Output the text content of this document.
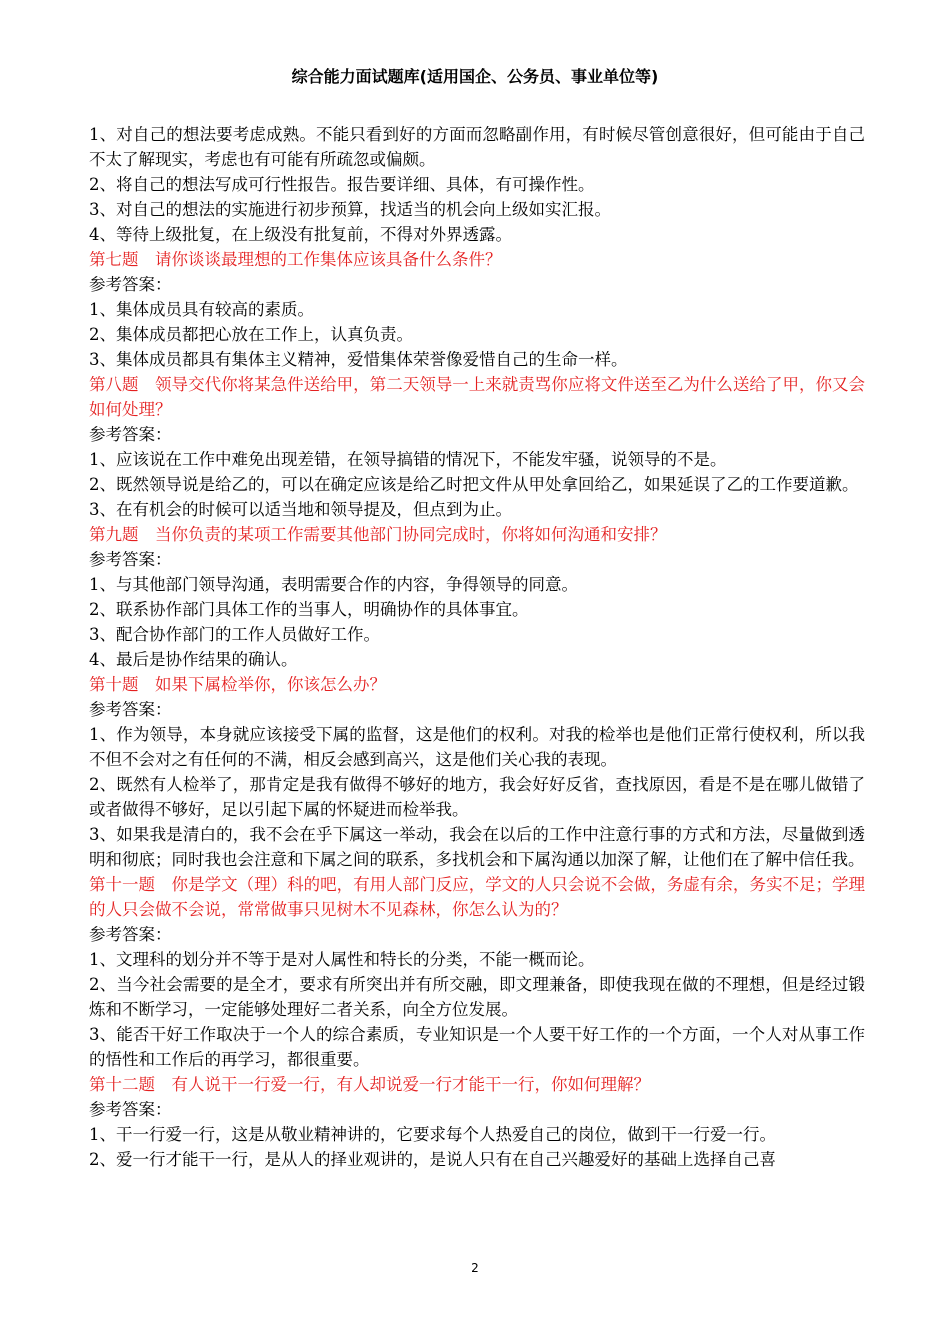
综合能力面试题库(适用国企、公务员、事业单位等)

1、对自己的想法要考虑成熟。不能只看到好的方面而忽略副作用，有时候尽管创意很好，但可能由于自己不太了解现实，考虑也有可能有所疏忽或偏颇。

2、将自己的想法写成可行性报告。报告要详细、具体，有可操作性。

3、对自己的想法的实施进行初步预算，找适当的机会向上级如实汇报。

4、等待上级批复，在上级没有批复前，不得对外界透露。

第七题　请你谈谈最理想的工作集体应该具备什么条件？

参考答案：

1、集体成员具有较高的素质。

2、集体成员都把心放在工作上，认真负责。

3、集体成员都具有集体主义精神，爱惜集体荣誉像爱惜自己的生命一样。

第八题　领导交代你将某急件送给甲，第二天领导一上来就责骂你应将文件送至乙为什么送给了甲，你又会如何处理？

参考答案：

1、应该说在工作中难免出现差错，在领导搞错的情况下，不能发牢骚，说领导的不是。

2、既然领导说是给乙的，可以在确定应该是给乙时把文件从甲处拿回给乙，如果延误了乙的工作要道歉。

3、在有机会的时候可以适当地和领导提及，但点到为止。

第九题　当你负责的某项工作需要其他部门协同完成时，你将如何沟通和安排？

参考答案：

1、与其他部门领导沟通，表明需要合作的内容，争得领导的同意。

2、联系协作部门具体工作的当事人，明确协作的具体事宜。

3、配合协作部门的工作人员做好工作。

4、最后是协作结果的确认。

第十题　如果下属检举你，你该怎么办？

参考答案：

1、作为领导，本身就应该接受下属的监督，这是他们的权利。对我的检举也是他们正常行使权利，所以我不但不会对之有任何的不满，相反会感到高兴，这是他们关心我的表现。

2、既然有人检举了，那肯定是我有做得不够好的地方，我会好好反省，查找原因，看是不是在哪儿做错了或者做得不够好，足以引起下属的怀疑进而检举我。

3、如果我是清白的，我不会在乎下属这一举动，我会在以后的工作中注意行事的方式和方法，尽量做到透明和彻底；同时我也会注意和下属之间的联系，多找机会和下属沟通以加深了解，让他们在了解中信任我。

第十一题　你是学文（理）科的吧，有用人部门反应，学文的人只会说不会做，务虚有余，务实不足；学理的人只会做不会说，常常做事只见树木不见森林，你怎么认为的？

参考答案：

1、文理科的划分并不等于是对人属性和特长的分类，不能一概而论。

2、当今社会需要的是全才，要求有所突出并有所交融，即文理兼备，即使我现在做的不理想，但是经过锻炼和不断学习，一定能够处理好二者关系，向全方位发展。

3、能否干好工作取决于一个人的综合素质，专业知识是一个人要干好工作的一个方面，一个人对从事工作的悟性和工作后的再学习，都很重要。

第十二题　有人说干一行爱一行，有人却说爱一行才能干一行，你如何理解？

参考答案：

1、干一行爱一行，这是从敬业精神讲的，它要求每个人热爱自己的岗位，做到干一行爱一行。

2、爱一行才能干一行，是从人的择业观讲的，是说人只有在自己兴趣爱好的基础上选择自己喜

2
